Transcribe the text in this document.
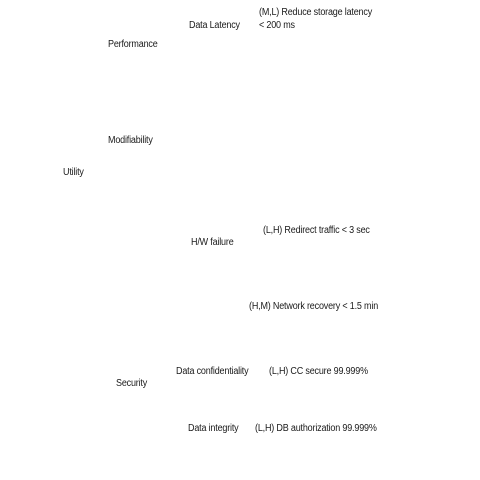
Utility
Performance
Modifiability
Security
Data Latency
H/W failure
Data confidentiality
Data integrity
(M,L) Reduce storage latency < 200 ms
(L,H) Redirect traffic < 3 sec
(H,M) Network recovery < 1.5 min
(L,H) CC secure 99.999%
(L,H) DB authorization 99.999%
